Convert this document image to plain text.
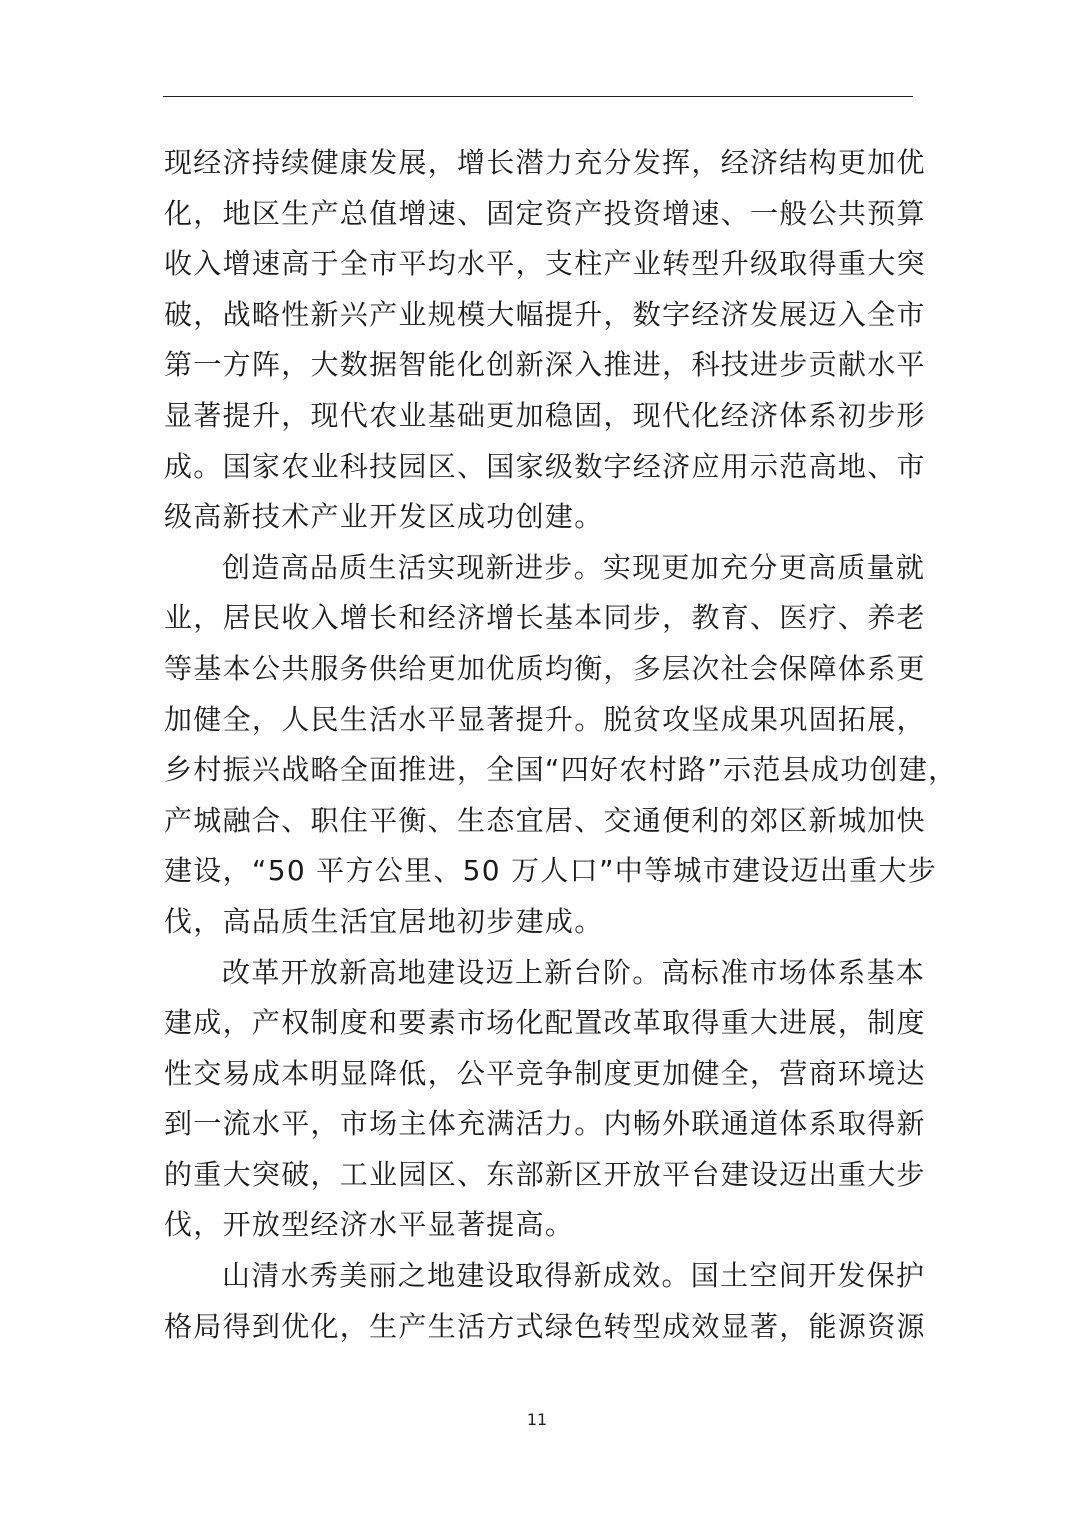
现经济持续健康发展，增长潜力充分发挥，经济结构更加优
化，地区生产总值增速、固定资产投资增速、一般公共预算
收入增速高于全市平均水平，支柱产业转型升级取得重大突
破，战略性新兴产业规模大幅提升，数字经济发展迈入全市
第一方阵，大数据智能化创新深入推进，科技进步贡献水平
显著提升，现代农业基础更加稳固，现代化经济体系初步形
成。国家农业科技园区、国家级数字经济应用示范高地、市
级高新技术产业开发区成功创建。
创造高品质生活实现新进步。实现更加充分更高质量就
业，居民收入增长和经济增长基本同步，教育、医疗、养老
等基本公共服务供给更加优质均衡，多层次社会保障体系更
加健全，人民生活水平显著提升。脱贫攻坚成果巩固拓展，
乡村振兴战略全面推进，全国“四好农村路”示范县成功创建，
产城融合、职住平衡、生态宜居、交通便利的郊区新城加快
建设，“50 平方公里、50 万人口”中等城市建设迈出重大步
伐，高品质生活宜居地初步建成。
改革开放新高地建设迈上新台阶。高标准市场体系基本
建成，产权制度和要素市场化配置改革取得重大进展，制度
性交易成本明显降低，公平竞争制度更加健全，营商环境达
到一流水平，市场主体充满活力。内畅外联通道体系取得新
的重大突破，工业园区、东部新区开放平台建设迈出重大步
伐，开放型经济水平显著提高。
山清水秀美丽之地建设取得新成效。国土空间开发保护
格局得到优化，生产生活方式绿色转型成效显著，能源资源
11
